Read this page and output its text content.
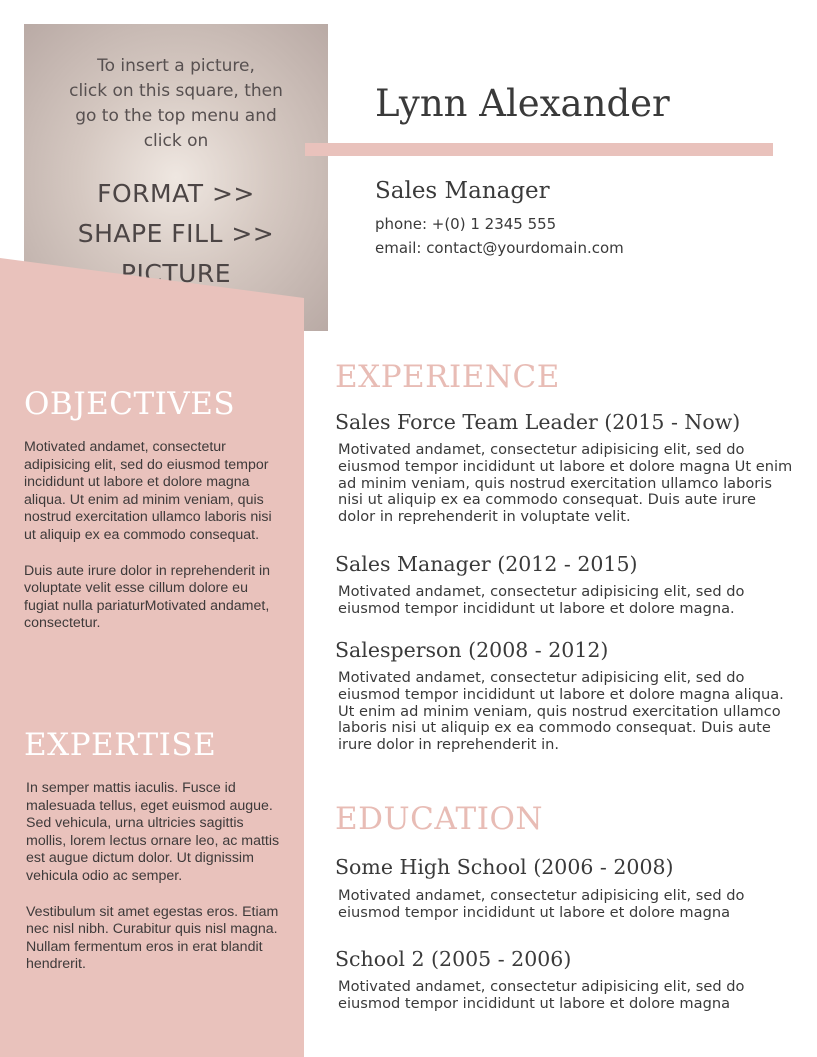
To insert a picture,
click on this square, then
go to the top menu and
click on
FORMAT >>
SHAPE FILL >>
PICTURE
OBJECTIVES

Motivated andamet, consectetur adipisicing elit, sed do eiusmod tempor incididunt ut labore et dolore magna aliqua. Ut enim ad minim veniam, quis nostrud exercitation ullamco laboris nisi ut aliquip ex ea commodo consequat.

Duis aute irure dolor in reprehenderit in voluptate velit esse cillum dolore eu fugiat nulla pariaturMotivated andamet, consectetur.

EXPERTISE

In semper mattis iaculis. Fusce id malesuada tellus, eget euismod augue. Sed vehicula, urna ultricies sagittis mollis, lorem lectus ornare leo, ac mattis est augue dictum dolor. Ut dignissim vehicula odio ac semper.

Vestibulum sit amet egestas eros. Etiam nec nisl nibh. Curabitur quis nisl magna. Nullam fermentum eros in erat blandit hendrerit.

Lynn Alexander
Sales Manager
phone: +(0) 1 2345 555
email: contact@yourdomain.com
EXPERIENCE
Sales Force Team Leader (2015 - Now)

Motivated andamet, consectetur adipisicing elit, sed do eiusmod tempor incididunt ut labore et dolore magna Ut enim ad minim veniam, quis nostrud exercitation ullamco laboris nisi ut aliquip ex ea commodo consequat. Duis aute irure dolor in reprehenderit in voluptate velit.

Sales Manager (2012 - 2015)

Motivated andamet, consectetur adipisicing elit, sed do eiusmod tempor incididunt ut labore et dolore magna.

Salesperson (2008 - 2012)

Motivated andamet, consectetur adipisicing elit, sed do eiusmod tempor incididunt ut labore et dolore magna aliqua. Ut enim ad minim veniam, quis nostrud exercitation ullamco laboris nisi ut aliquip ex ea commodo consequat. Duis aute irure dolor in reprehenderit in.

EDUCATION
Some High School (2006 - 2008)

Motivated andamet, consectetur adipisicing elit, sed do eiusmod tempor incididunt ut labore et dolore magna

School 2 (2005 - 2006)

Motivated andamet, consectetur adipisicing elit, sed do eiusmod tempor incididunt ut labore et dolore magna
